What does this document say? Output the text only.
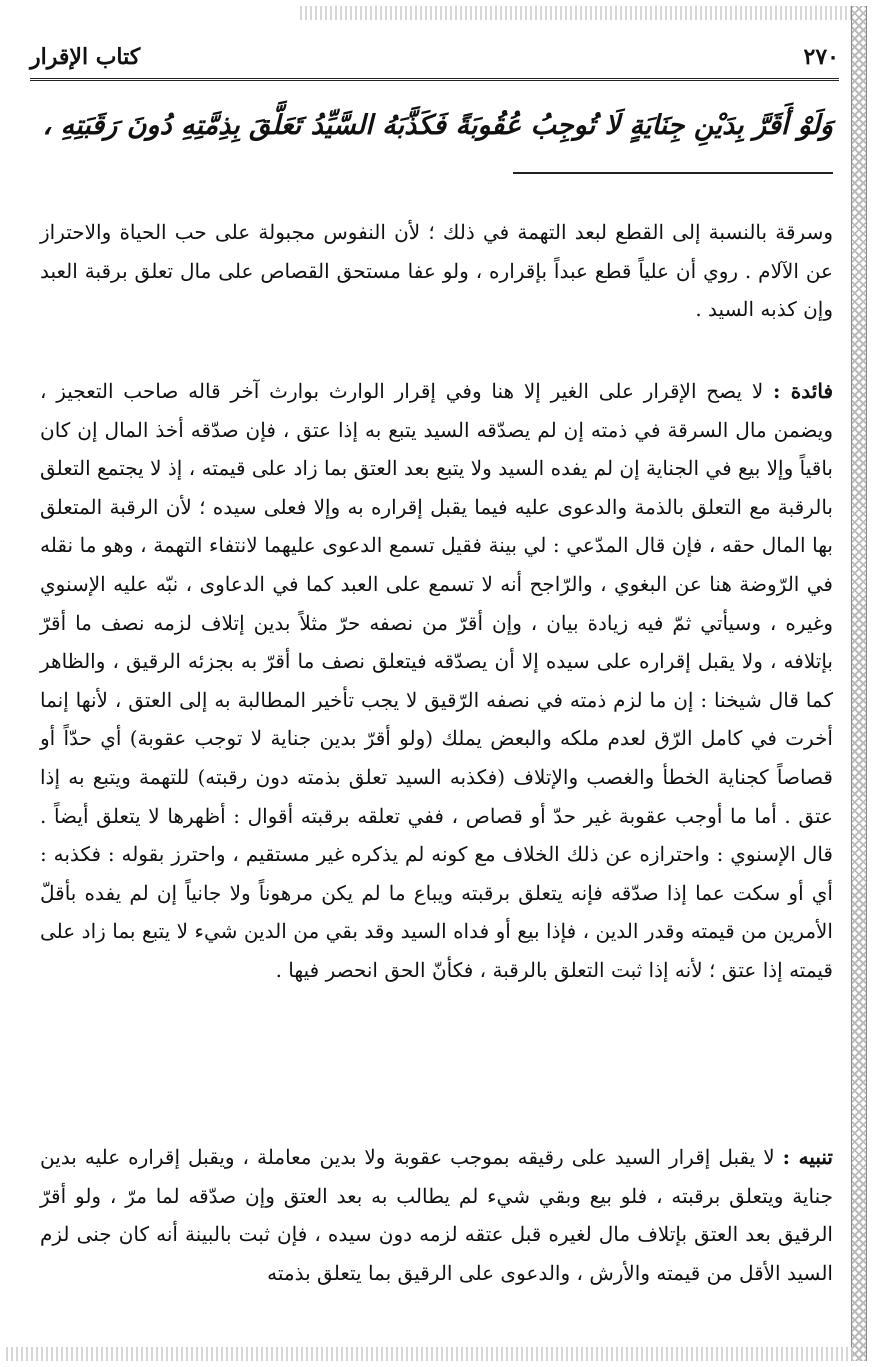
كتاب الإقرار	٢٧٠
وَلَوْ أَقَرَّ بِدَيْنِ جِنَايَةٍ لَا تُوجِبُ عُقُوبَةً فَكَذَّبَهُ السَّيِّدُ تَعَلَّقَ بِذِمَّتِهِ دُونَ رَقَبَتِهِ ،

وسرقة بالنسبة إلى القطع لبعد التهمة في ذلك ؛ لأن النفوس مجبولة على حب الحياة والاحتراز عن الآلام . روي أن علياً قطع عبداً بإقراره ، ولو عفا مستحق القصاص على مال تعلق برقبة العبد وإن كذبه السيد .

فائدة : لا يصح الإقرار على الغير إلا هنا وفي إقرار الوارث بوارث آخر قاله صاحب التعجيز ، ويضمن مال السرقة في ذمته إن لم يصدّقه السيد يتبع به إذا عتق ، فإن صدّقه أخذ المال إن كان باقياً وإلا بيع في الجناية إن لم يفده السيد ولا يتبع بعد العتق بما زاد على قيمته ، إذ لا يجتمع التعلق بالرقبة مع التعلق بالذمة والدعوى عليه فيما يقبل إقراره به وإلا فعلى سيده ؛ لأن الرقبة المتعلق بها المال حقه ، فإن قال المدّعي : لي بينة فقيل تسمع الدعوى عليهما لانتفاء التهمة ، وهو ما نقله في الرّوضة هنا عن البغوي ، والرّاجح أنه لا تسمع على العبد كما في الدعاوى ، نبّه عليه الإسنوي وغيره ، وسيأتي ثمّ فيه زيادة بيان ، وإن أقرّ من نصفه حرّ مثلاً بدين إتلاف لزمه نصف ما أقرّ بإتلافه ، ولا يقبل إقراره على سيده إلا أن يصدّقه فيتعلق نصف ما أقرّ به بجزئه الرقيق ، والظاهر كما قال شيخنا : إن ما لزم ذمته في نصفه الرّقيق لا يجب تأخير المطالبة به إلى العتق ، لأنها إنما أخرت في كامل الرّق لعدم ملكه والبعض يملك (ولو أقرّ بدين جناية لا توجب عقوبة) أي حدّاً أو قصاصاً كجناية الخطأ والغصب والإتلاف (فكذبه السيد تعلق بذمته دون رقبته) للتهمة ويتبع به إذا عتق . أما ما أوجب عقوبة غير حدّ أو قصاص ، ففي تعلقه برقبته أقوال : أظهرها لا يتعلق أيضاً . قال الإسنوي : واحترازه عن ذلك الخلاف مع كونه لم يذكره غير مستقيم ، واحترز بقوله : فكذبه : أي أو سكت عما إذا صدّقه فإنه يتعلق برقبته ويباع ما لم يكن مرهوناً ولا جانياً إن لم يفده بأقلّ الأمرين من قيمته وقدر الدين ، فإذا بيع أو فداه السيد وقد بقي من الدين شيء لا يتبع بما زاد على قيمته إذا عتق ؛ لأنه إذا ثبت التعلق بالرقبة ، فكأنّ الحق انحصر فيها .

تنبيه : لا يقبل إقرار السيد على رقيقه بموجب عقوبة ولا بدين معاملة ، ويقبل إقراره عليه بدين جناية ويتعلق برقبته ، فلو بيع وبقي شيء لم يطالب به بعد العتق وإن صدّقه لما مرّ ، ولو أقرّ الرقيق بعد العتق بإتلاف مال لغيره قبل عتقه لزمه دون سيده ، فإن ثبت بالبينة أنه كان جنى لزم السيد الأقل من قيمته والأرش ، والدعوى على الرقيق بما يتعلق بذمته
